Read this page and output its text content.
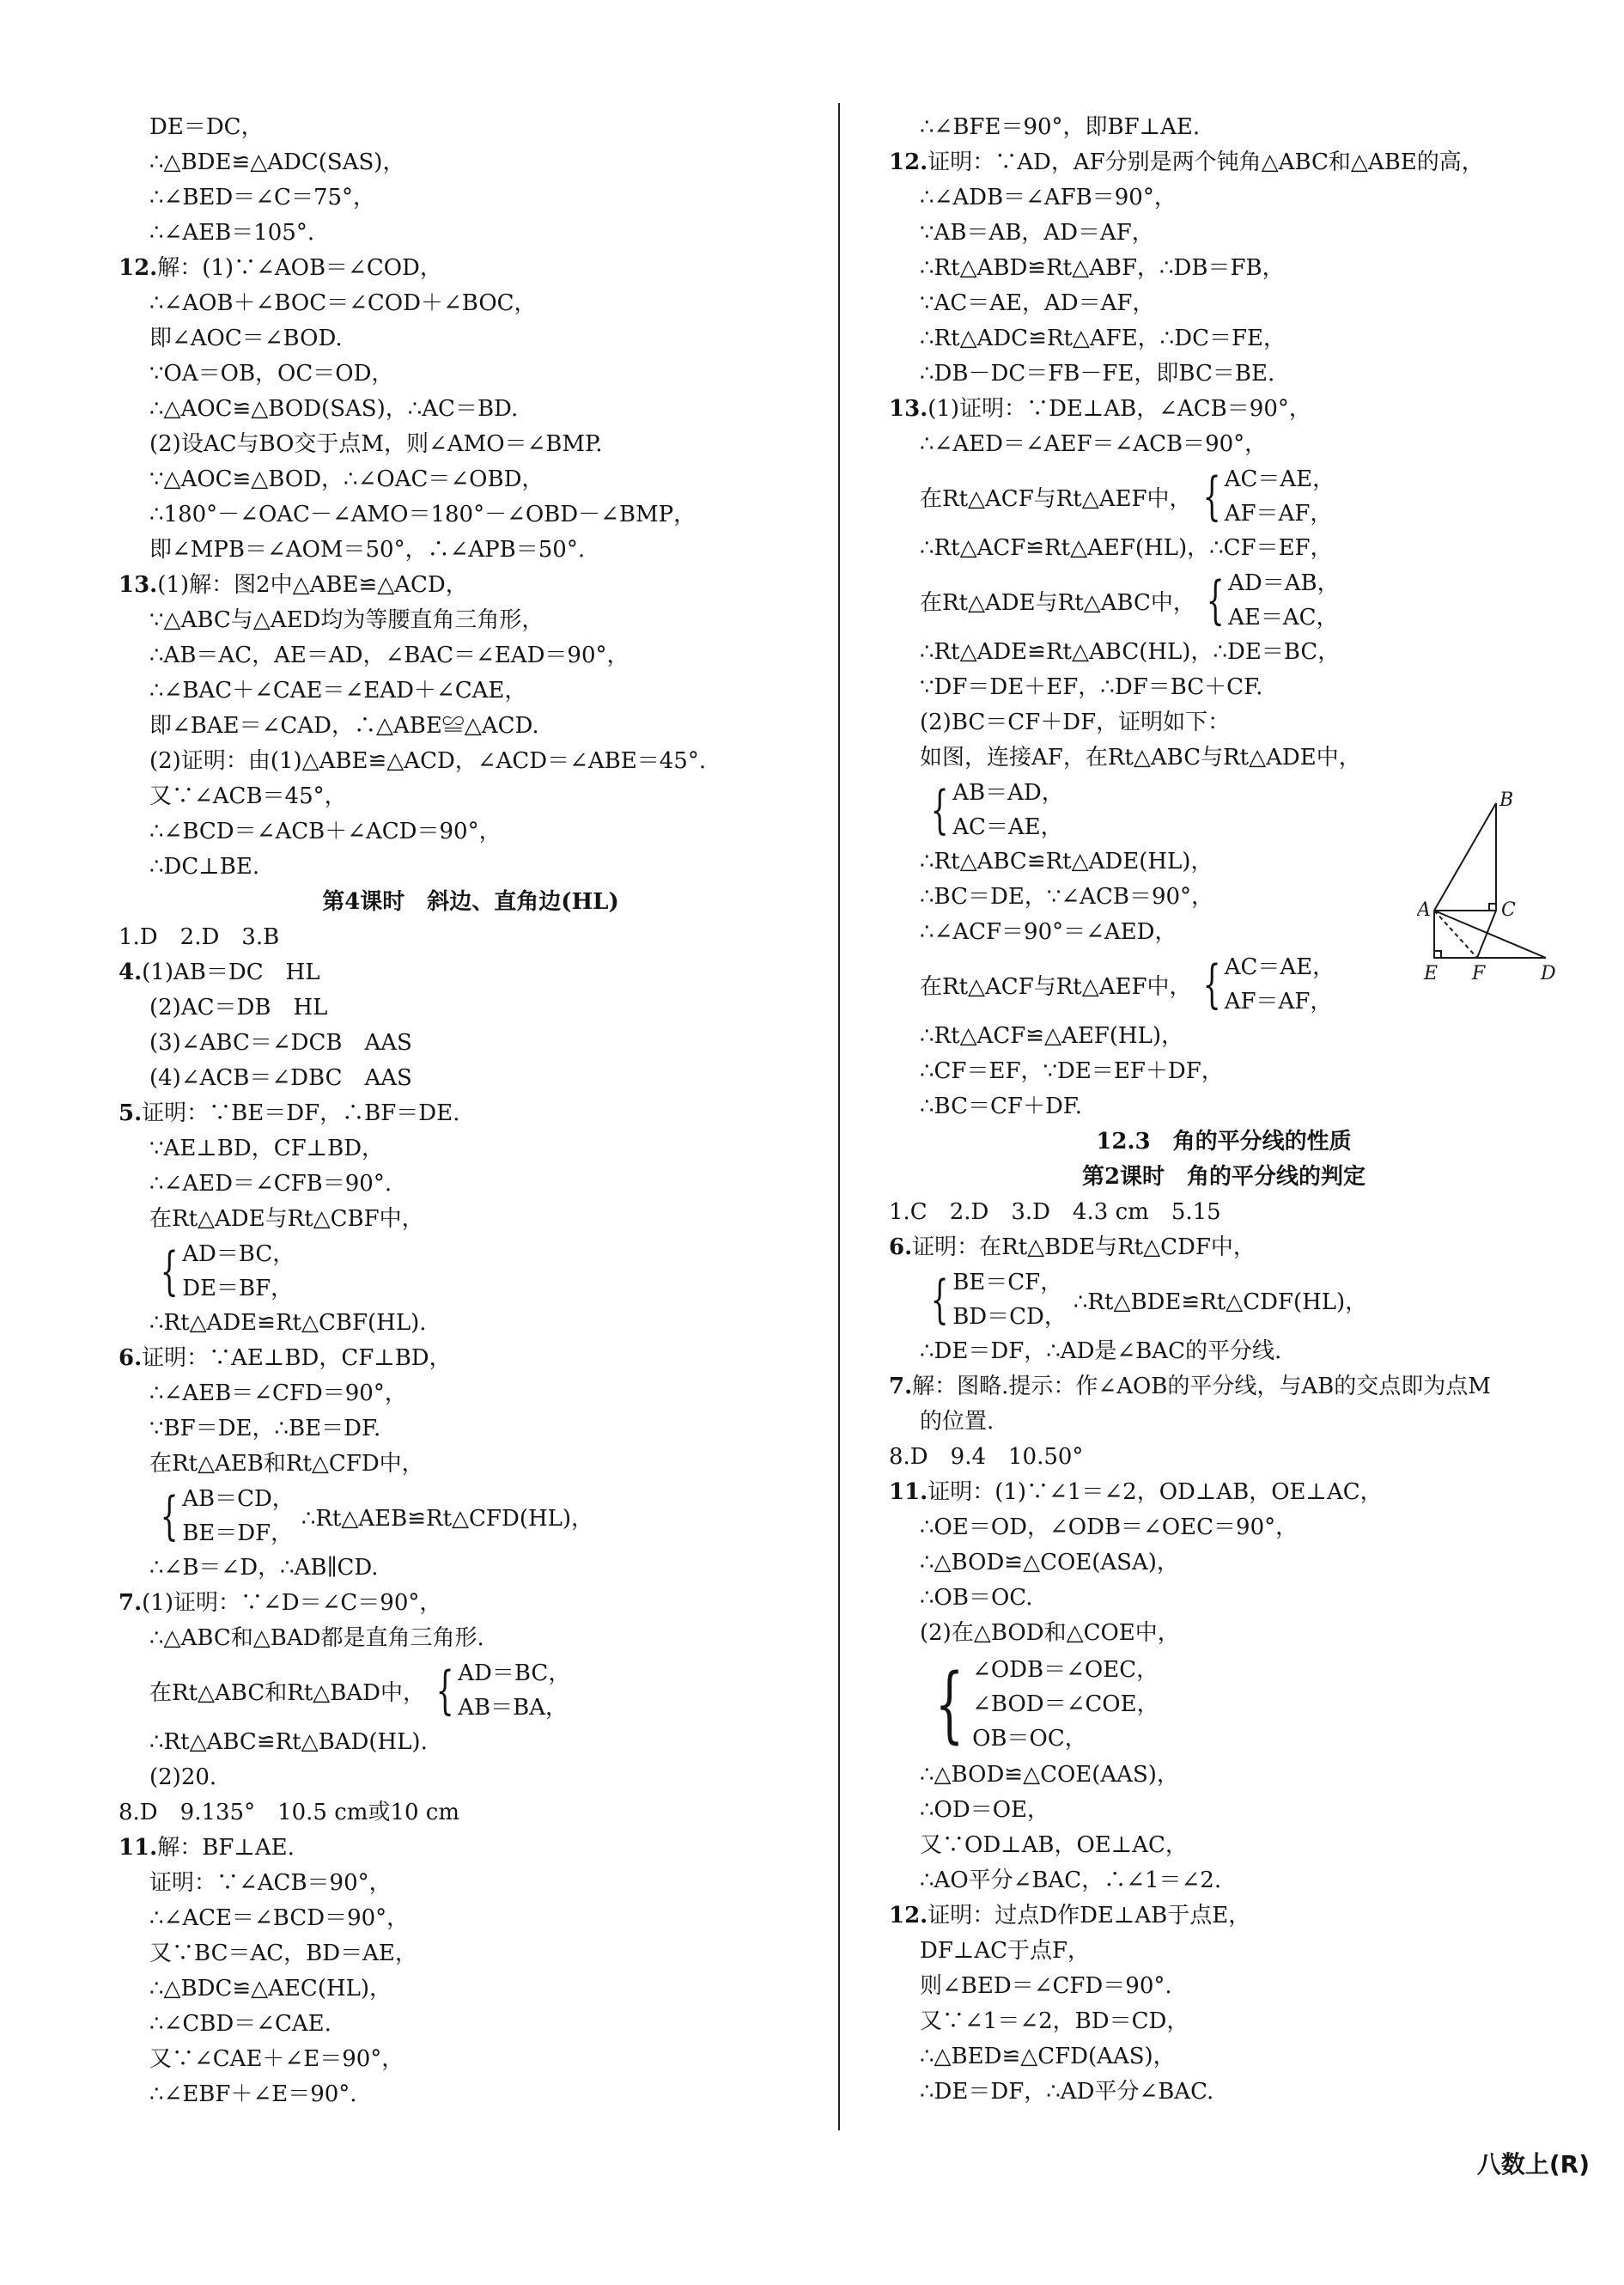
DE＝DC，
∴△BDE≌△ADC(SAS)，
∴∠BED＝∠C＝75°，
∴∠AEB＝105°.
12.解：(1)∵∠AOB＝∠COD，
∴∠AOB＋∠BOC＝∠COD＋∠BOC，
即∠AOC＝∠BOD.
∵OA＝OB，OC＝OD，
∴△AOC≌△BOD(SAS)，∴AC＝BD.
(2)设AC与BO交于点M，则∠AMO＝∠BMP.
∵△AOC≌△BOD，∴∠OAC＝∠OBD，
∴180°－∠OAC－∠AMO＝180°－∠OBD－∠BMP，
即∠MPB＝∠AOM＝50°，∴∠APB＝50°.
13.(1)解：图2中△ABE≌△ACD，
∵△ABC与△AED均为等腰直角三角形，
∴AB＝AC，AE＝AD，∠BAC＝∠EAD＝90°，
∴∠BAC＋∠CAE＝∠EAD＋∠CAE，
即∠BAE＝∠CAD，∴△ABE≌△ACD.
(2)证明：由(1)△ABE≌△ACD，∠ACD＝∠ABE＝45°.
又∵∠ACB＝45°，
∴∠BCD＝∠ACB＋∠ACD＝90°，
∴DC⊥BE.
第4课时　斜边、直角边(HL)
1.D　2.D　3.B
4.(1)AB＝DC　HL
(2)AC＝DB　HL
(3)∠ABC＝∠DCB　AAS
(4)∠ACB＝∠DBC　AAS
5.证明：∵BE＝DF，∴BF＝DE.
∵AE⊥BD，CF⊥BD，
∴∠AED＝∠CFB＝90°.
在Rt△ADE与Rt△CBF中，
{ AD＝BC，
DE＝BF，
∴Rt△ADE≌Rt△CBF(HL).
6.证明：∵AE⊥BD，CF⊥BD，
∴∠AEB＝∠CFD＝90°，
∵BF＝DE，∴BE＝DF.
在Rt△AEB和Rt△CFD中，
{ AB＝CD，
BE＝DF，
∴Rt△AEB≌Rt△CFD(HL)，
∴∠B＝∠D，∴AB∥CD.
7.(1)证明：∵∠D＝∠C＝90°，
∴△ABC和△BAD都是直角三角形.
在Rt△ABC和Rt△BAD中， { AD＝BC，
AB＝BA，
∴Rt△ABC≌Rt△BAD(HL).
(2)20.
8.D　9.135°　10.5 cm或10 cm
11.解：BF⊥AE.
证明：∵∠ACB＝90°，
∴∠ACE＝∠BCD＝90°，
又∵BC＝AC，BD＝AE，
∴△BDC≌△AEC(HL)，
∴∠CBD＝∠CAE.
又∵∠CAE＋∠E＝90°，
∴∠EBF＋∠E＝90°.
∴∠BFE＝90°，即BF⊥AE.
12.证明：∵AD，AF分别是两个钝角△ABC和△ABE的高，
∴∠ADB＝∠AFB＝90°，
∵AB＝AB，AD＝AF，
∴Rt△ABD≌Rt△ABF，∴DB＝FB，
∵AC＝AE，AD＝AF，
∴Rt△ADC≌Rt△AFE，∴DC＝FE，
∴DB－DC＝FB－FE，即BC＝BE.
13.(1)证明：∵DE⊥AB，∠ACB＝90°，
∴∠AED＝∠AEF＝∠ACB＝90°，
在Rt△ACF与Rt△AEF中， { AC＝AE，
AF＝AF，
∴Rt△ACF≌Rt△AEF(HL)，∴CF＝EF，
在Rt△ADE与Rt△ABC中， { AD＝AB，
AE＝AC，
∴Rt△ADE≌Rt△ABC(HL)，∴DE＝BC，
∵DF＝DE＋EF，∴DF＝BC＋CF.
(2)BC＝CF＋DF，证明如下：
如图，连接AF，在Rt△ABC与Rt△ADE中，
{ AB＝AD，
AC＝AE，
∴Rt△ABC≌Rt△ADE(HL)，
∴BC＝DE，∵∠ACB＝90°，
∴∠ACF＝90°＝∠AED，
在Rt△ACF与Rt△AEF中， { AC＝AE，
AF＝AF，
∴Rt△ACF≌△AEF(HL)，
∴CF＝EF，∵DE＝EF＋DF，
∴BC＝CF＋DF.
12.3　角的平分线的性质
第2课时　角的平分线的判定
1.C　2.D　3.D　4.3 cm　5.15
6.证明：在Rt△BDE与Rt△CDF中，
{ BE＝CF，
BD＝CD，
∴Rt△BDE≌Rt△CDF(HL)，
∴DE＝DF，∴AD是∠BAC的平分线.
7.解：图略.提示：作∠AOB的平分线，与AB的交点即为点M
的位置.
8.D　9.4　10.50°
11.证明：(1)∵∠1＝∠2，OD⊥AB，OE⊥AC，
∴OE＝OD，∠ODB＝∠OEC＝90°，
∴△BOD≌△COE(ASA)，
∴OB＝OC.
(2)在△BOD和△COE中，
{ ∠ODB＝∠OEC，
∠BOD＝∠COE，
OB＝OC，
∴△BOD≌△COE(AAS)，
∴OD＝OE，
又∵OD⊥AB，OE⊥AC，
∴AO平分∠BAC，∴∠1＝∠2.
12.证明：过点D作DE⊥AB于点E，
DF⊥AC于点F，
则∠BED＝∠CFD＝90°.
又∵∠1＝∠2，BD＝CD，
∴△BED≌△CFD(AAS)，
∴DE＝DF，∴AD平分∠BAC.
B
A	C
E F	D
八数上(R)
